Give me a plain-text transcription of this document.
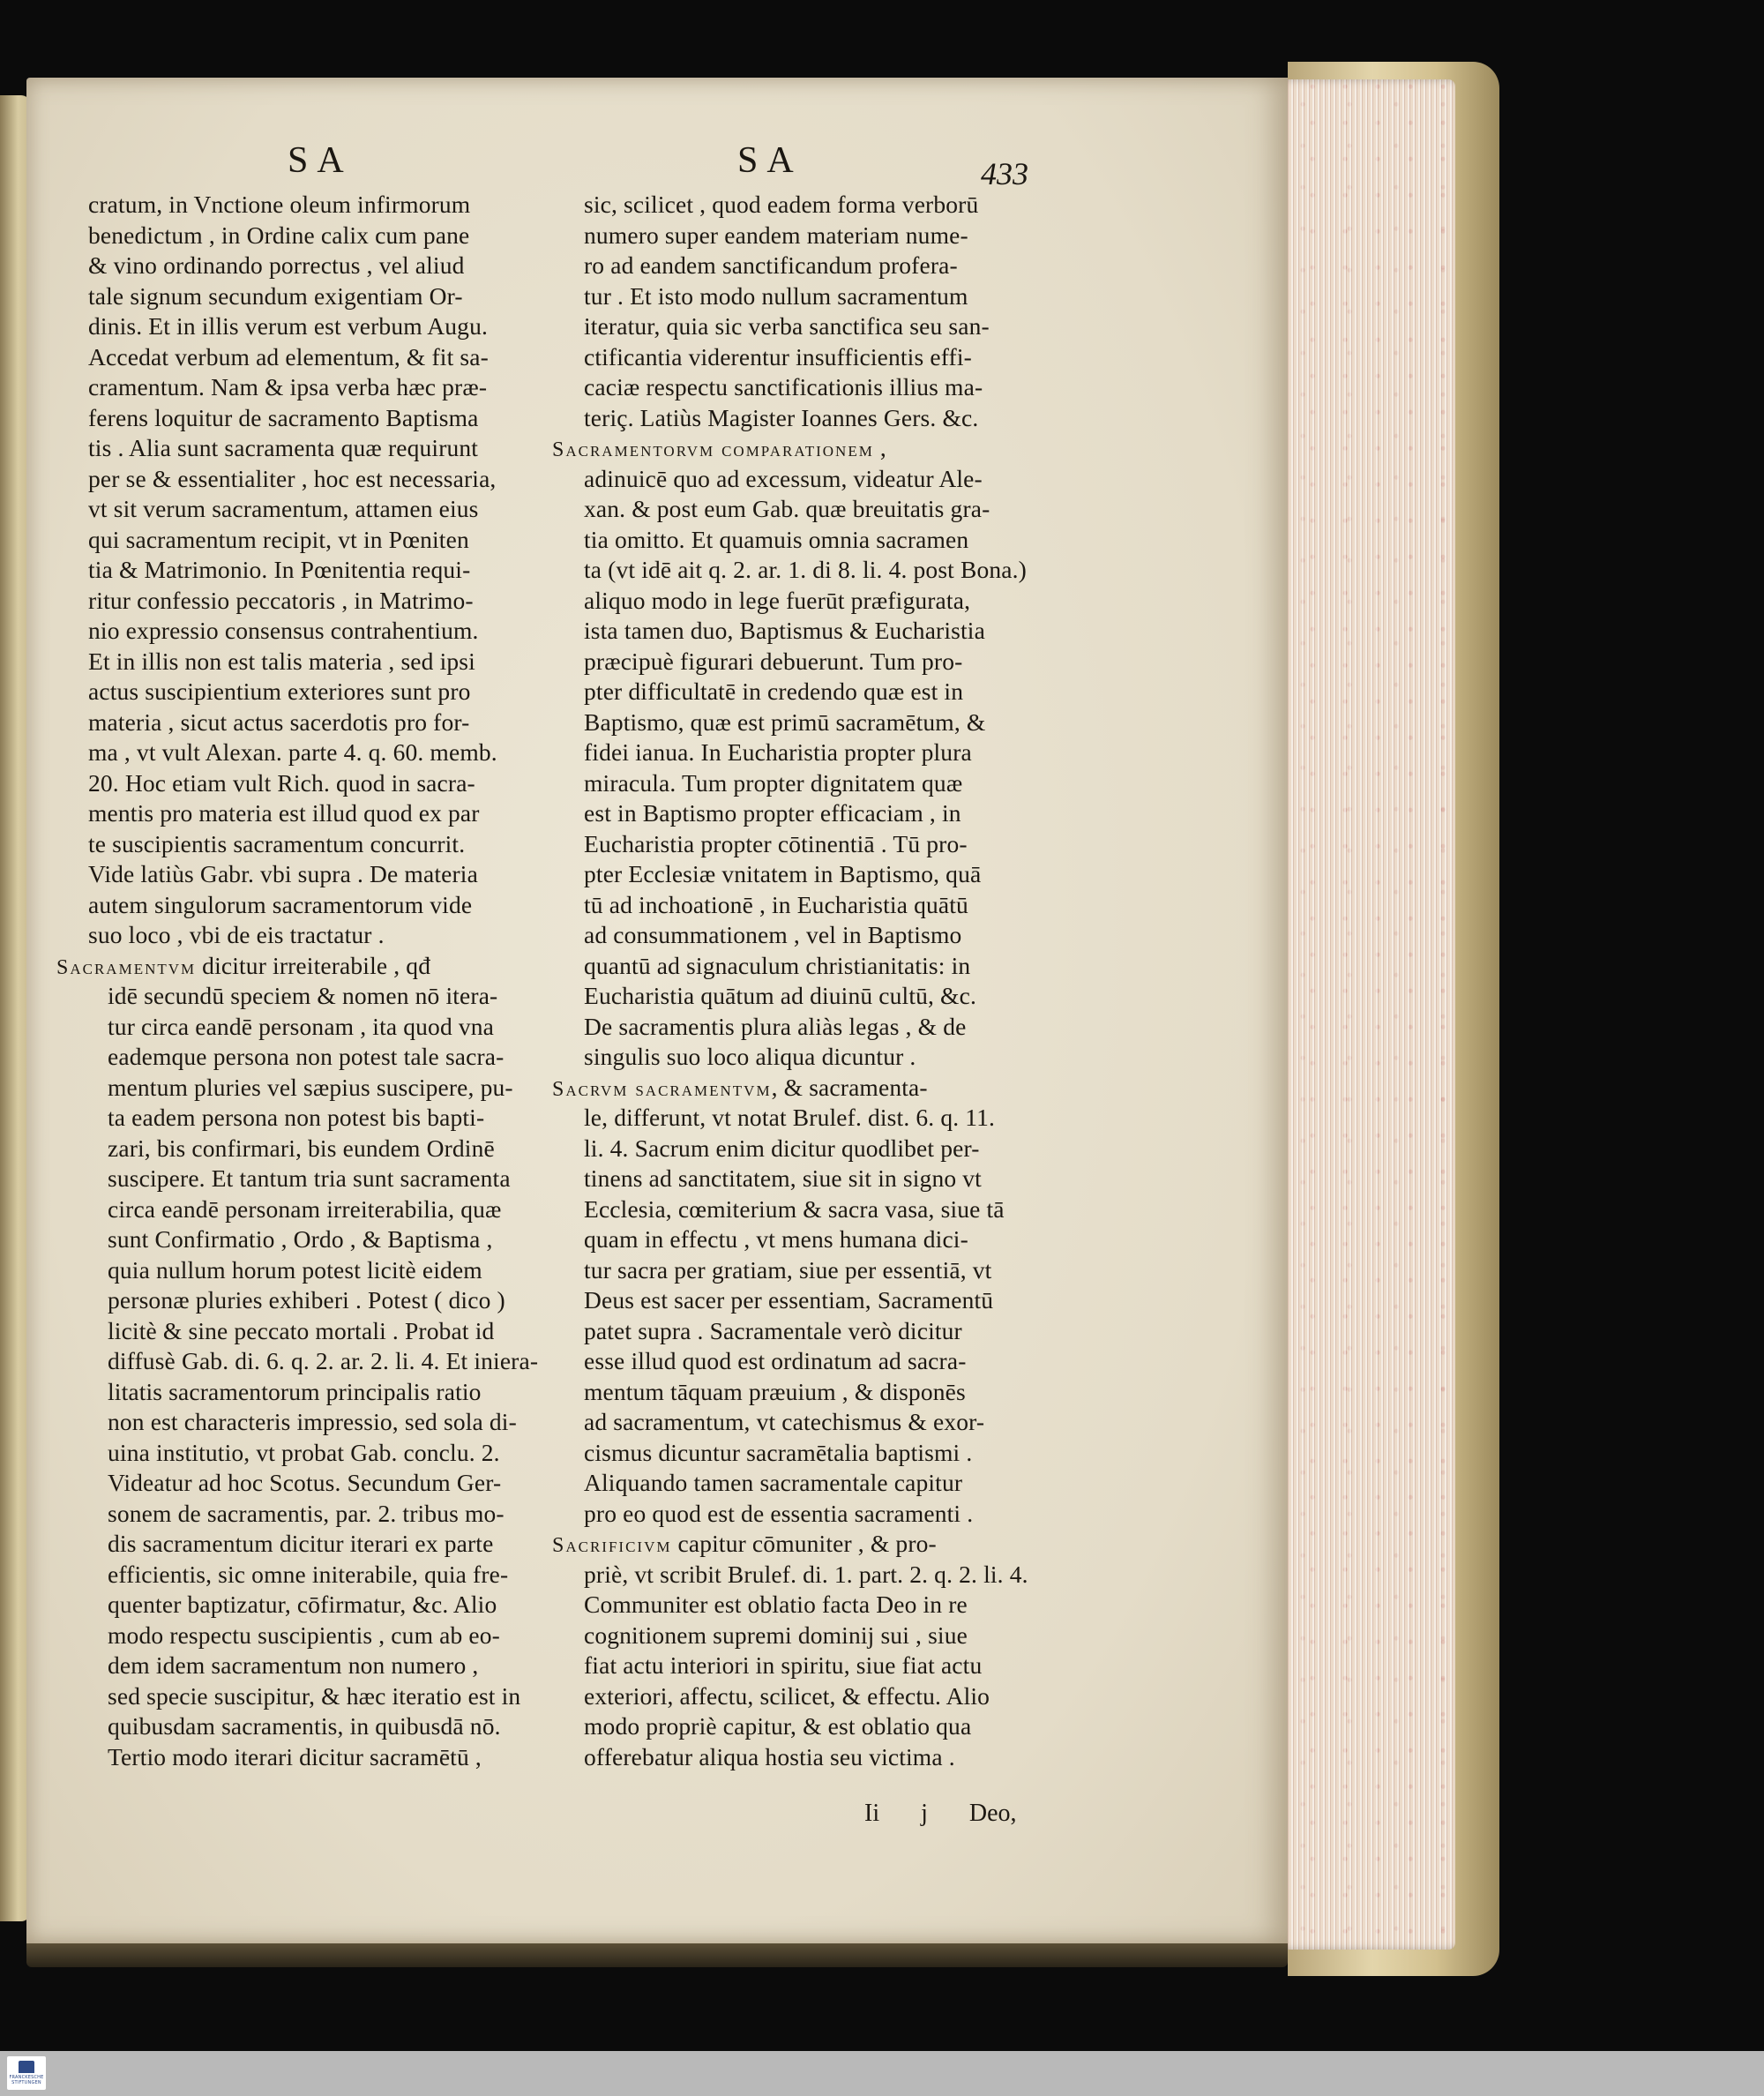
SA	SA	433
cratum, in Vnctione oleum infirmorum
benedictum , in Ordine calix cum pane
& vino ordinando porrectus , vel aliud
tale signum secundum exigentiam Or-
dinis. Et in illis verum est verbum Augu.
Accedat verbum ad elementum, & fit sa-
cramentum. Nam & ipsa verba hæc præ-
ferens loquitur de sacramento Baptisma
tis . Alia sunt sacramenta quæ requirunt
per se & essentialiter , hoc est necessaria,
vt sit verum sacramentum, attamen eius
qui sacramentum recipit, vt in Pœniten
tia & Matrimonio. In Pœnitentia requi-
ritur confessio peccatoris , in Matrimo-
nio expressio consensus contrahentium.
Et in illis non est talis materia , sed ipsi
actus suscipientium exteriores sunt pro
materia , sicut actus sacerdotis pro for-
ma , vt vult Alexan. parte 4. q. 60. memb.
20. Hoc etiam vult Rich. quod in sacra-
mentis pro materia est illud quod ex par
te suscipientis sacramentum concurrit.
Vide latiùs Gabr. vbi supra . De materia
autem singulorum sacramentorum vide
suo loco , vbi de eis tractatur .
Sacramentvm dicitur irreiterabile , qđ
idē secundū speciem & nomen nō itera-
tur circa eandē personam , ita quod vna
eademque persona non potest tale sacra-
mentum pluries vel sæpius suscipere, pu-
ta eadem persona non potest bis bapti-
zari, bis confirmari, bis eundem Ordinē
suscipere. Et tantum tria sunt sacramenta
circa eandē personam irreiterabilia, quæ
sunt Confirmatio , Ordo , & Baptisma ,
quia nullum horum potest licitè eidem
personæ pluries exhiberi . Potest ( dico )
licitè & sine peccato mortali . Probat id
diffusè Gab. di. 6. q. 2. ar. 2. li. 4. Et iniera-
litatis sacramentorum principalis ratio
non est characteris impressio, sed sola di-
uina institutio, vt probat Gab. conclu. 2.
Videatur ad hoc Scotus. Secundum Ger-
sonem de sacramentis, par. 2. tribus mo-
dis sacramentum dicitur iterari ex parte
efficientis, sic omne initerabile, quia fre-
quenter baptizatur, cōfirmatur, &c. Alio
modo respectu suscipientis , cum ab eo-
dem idem sacramentum non numero ,
sed specie suscipitur, & hæc iteratio est in
quibusdam sacramentis, in quibusdā nō.
Tertio modo iterari dicitur sacramētū ,
sic, scilicet , quod eadem forma verborū
numero super eandem materiam nume-
ro ad eandem sanctificandum profera-
tur . Et isto modo nullum sacramentum
iteratur, quia sic verba sanctifica seu san-
ctificantia viderentur insufficientis effi-
caciæ respectu sanctificationis illius ma-
teriç. Latiùs Magister Ioannes Gers. &c.
Sacramentorvm comparationem ,
adinuicē quo ad excessum, videatur Ale-
xan. & post eum Gab. quæ breuitatis gra-
tia omitto. Et quamuis omnia sacramen
ta (vt idē ait q. 2. ar. 1. di 8. li. 4. post Bona.)
aliquo modo in lege fuerūt præfigurata,
ista tamen duo, Baptismus & Eucharistia
præcipuè figurari debuerunt. Tum pro-
pter difficultatē in credendo quæ est in
Baptismo, quæ est primū sacramētum, &
fidei ianua. In Eucharistia propter plura
miracula. Tum propter dignitatem quæ
est in Baptismo propter efficaciam , in
Eucharistia propter cōtinentiā . Tū pro-
pter Ecclesiæ vnitatem in Baptismo, quā
tū ad inchoationē , in Eucharistia quātū
ad consummationem , vel in Baptismo
quantū ad signaculum christianitatis: in
Eucharistia quātum ad diuinū cultū, &c.
De sacramentis plura aliàs legas , & de
singulis suo loco aliqua dicuntur .
Sacrvm sacramentvm, & sacramenta-
le, differunt, vt notat Brulef. dist. 6. q. 11.
li. 4. Sacrum enim dicitur quodlibet per-
tinens ad sanctitatem, siue sit in signo vt
Ecclesia, cœmiterium & sacra vasa, siue tā
quam in effectu , vt mens humana dici-
tur sacra per gratiam, siue per essentiā, vt
Deus est sacer per essentiam, Sacramentū
patet supra . Sacramentale verò dicitur
esse illud quod est ordinatum ad sacra-
mentum tāquam præuium , & disponēs
ad sacramentum, vt catechismus & exor-
cismus dicuntur sacramētalia baptismi .
Aliquando tamen sacramentale capitur
pro eo quod est de essentia sacramenti .
Sacrificivm capitur cōmuniter , & pro-
priè, vt scribit Brulef. di. 1. part. 2. q. 2. li. 4.
Communiter est oblatio facta Deo in re
cognitionem supremi dominij sui , siue
fiat actu interiori in spiritu, siue fiat actu
exteriori, affectu, scilicet, & effectu. Alio
modo propriè capitur, & est oblatio qua
offerebatur aliqua hostia seu victima .
Ii j Deo,
FRANCKESCHE STIFTUNGEN
